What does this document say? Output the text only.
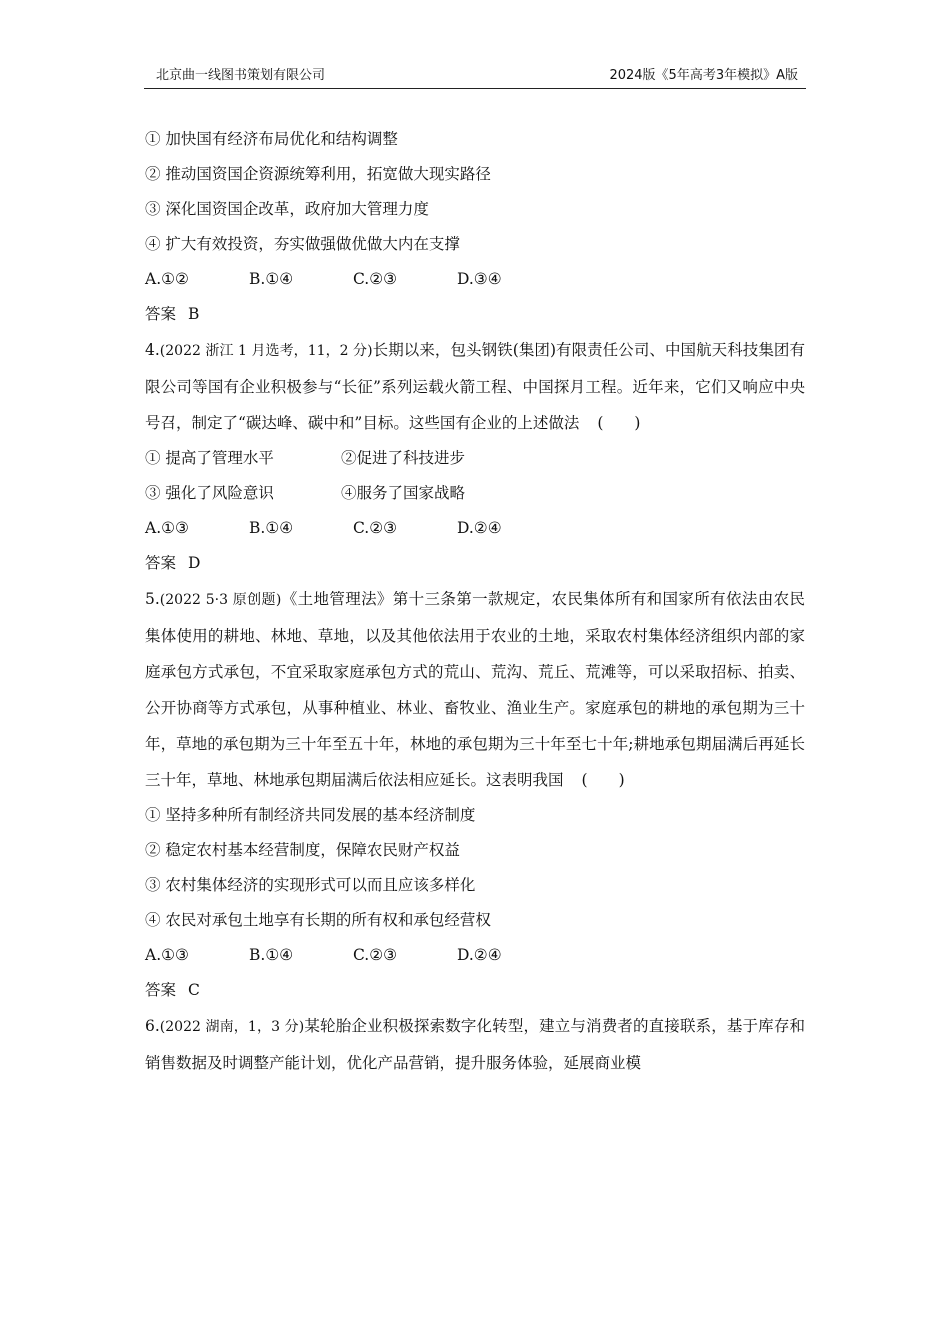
北京曲一线图书策划有限公司	2024版《5年高考3年模拟》A版
① 加快国有经济布局优化和结构调整
② 推动国资国企资源统筹利用，拓宽做大现实路径
③ 深化国资国企改革，政府加大管理力度
④ 扩大有效投资，夯实做强做优做大内在支撑
A.①②	B.①④	C.②③	D.③④
答案 B
4.(2022 浙江 1 月选考，11，2 分)长期以来，包头钢铁(集团)有限责任公司、中国航天科技集团有限公司等国有企业积极参与“长征”系列运载火箭工程、中国探月工程。近年来，它们又响应中央号召，制定了“碳达峰、碳中和”目标。这些国有企业的上述做法 (　　)
① 提高了管理水平	②促进了科技进步
③ 强化了风险意识	④服务了国家战略
A.①③	B.①④	C.②③	D.②④
答案 D
5.(2022 5·3 原创题)《土地管理法》第十三条第一款规定，农民集体所有和国家所有依法由农民集体使用的耕地、林地、草地，以及其他依法用于农业的土地，采取农村集体经济组织内部的家庭承包方式承包，不宜采取家庭承包方式的荒山、荒沟、荒丘、荒滩等，可以采取招标、拍卖、公开协商等方式承包，从事种植业、林业、畜牧业、渔业生产。家庭承包的耕地的承包期为三十年，草地的承包期为三十年至五十年，林地的承包期为三十年至七十年;耕地承包期届满后再延长三十年，草地、林地承包期届满后依法相应延长。这表明我国 (　　)
① 坚持多种所有制经济共同发展的基本经济制度
② 稳定农村基本经营制度，保障农民财产权益
③ 农村集体经济的实现形式可以而且应该多样化
④ 农民对承包土地享有长期的所有权和承包经营权
A.①③	B.①④	C.②③	D.②④
答案 C
6.(2022 湖南，1，3 分)某轮胎企业积极探索数字化转型，建立与消费者的直接联系，基于库存和销售数据及时调整产能计划，优化产品营销，提升服务体验，延展商业模
